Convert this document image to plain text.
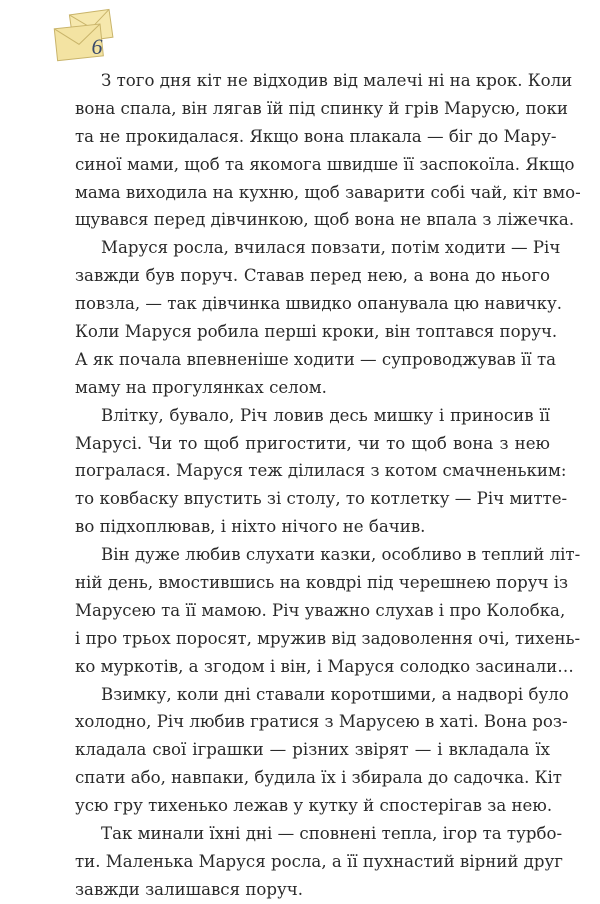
6
З того дня кіт не відходив від малечі ні на крок. Коли
вона спала, він лягав їй під спинку й грів Марусю, поки
та не прокидалася. Якщо вона плакала — біг до Мару-
синої мами, щоб та якомога швидше її заспокоїла. Якщо
мама виходила на кухню, щоб заварити собі чай, кіт вмо-
щувався перед дівчинкою, щоб вона не впала з ліжечка.
Маруся росла, вчилася повзати, потім ходити — Річ
завжди був поруч. Ставав перед нею, а вона до нього
повзла, — так дівчинка швидко опанувала цю навичку.
Коли Маруся робила перші кроки, він топтався поруч.
А як почала впевненіше ходити — супроводжував її та
маму на прогулянках селом.
Влітку, бувало, Річ ловив десь мишку і приносив її
Марусі. Чи то щоб пригостити, чи то щоб вона з нею
погралася. Маруся теж ділилася з котом смачненьким:
то ковбаску впустить зі столу, то котлетку — Річ митте-
во підхоплював, і ніхто нічого не бачив.
Він дуже любив слухати казки, особливо в теплий літ-
ній день, вмостившись на ковдрі під черешнею поруч із
Марусею та її мамою. Річ уважно слухав і про Колобка,
і про трьох поросят, мружив від задоволення очі, тихень-
ко муркотів, а згодом і він, і Маруся солодко засинали…
Взимку, коли дні ставали коротшими, а надворі було
холодно, Річ любив гратися з Марусею в хаті. Вона роз-
кладала свої іграшки — різних звірят — і вкладала їх
спати або, навпаки, будила їх і збирала до садочка. Кіт
усю гру тихенько лежав у кутку й спостерігав за нею.
Так минали їхні дні — сповнені тепла, ігор та турбо-
ти. Маленька Маруся росла, а її пухнастий вірний друг
завжди залишався поруч.
